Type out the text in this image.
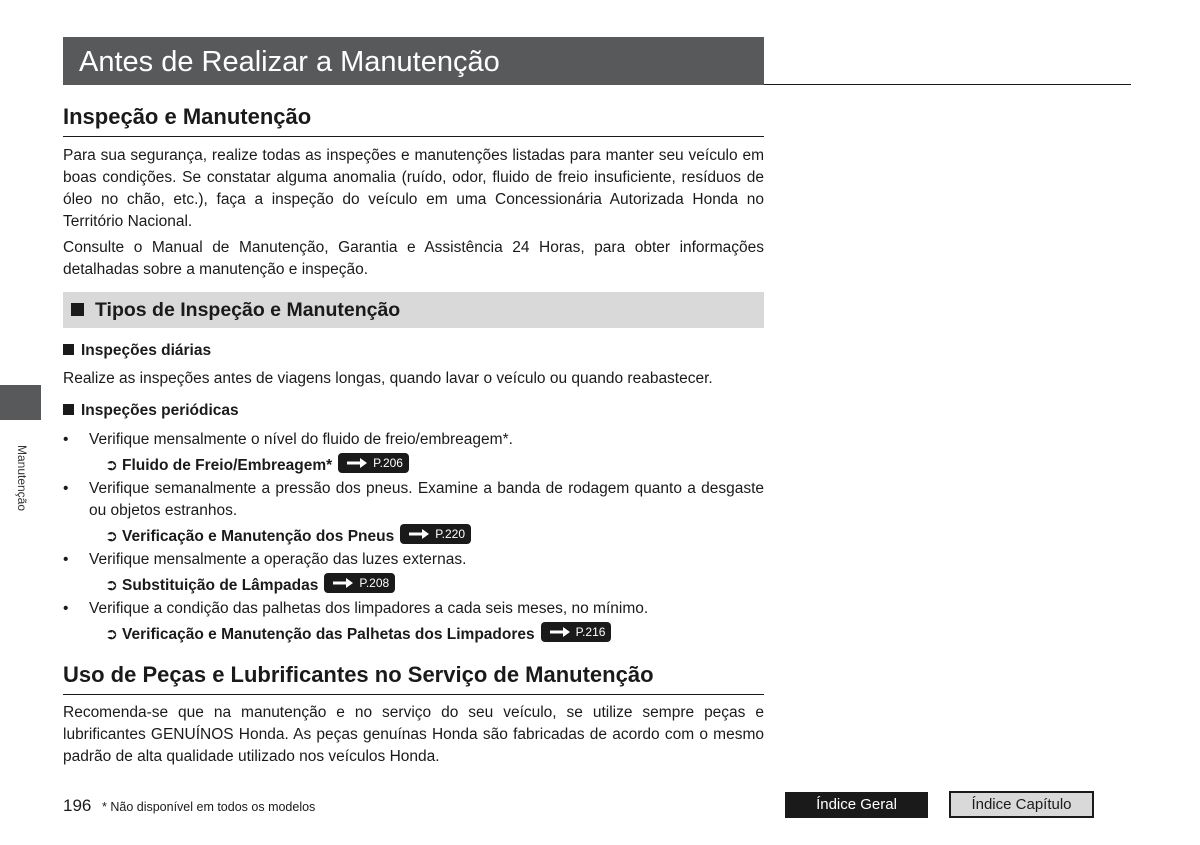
Antes de Realizar a Manutenção
Manutenção
Inspeção e Manutenção

Para sua segurança, realize todas as inspeções e manutenções listadas para manter seu veículo em boas condições. Se constatar alguma anomalia (ruído, odor, fluido de freio insuficiente, resíduos de óleo no chão, etc.), faça a inspeção do veículo em uma Concessionária Autorizada Honda no Território Nacional.

Consulte o Manual de Manutenção, Garantia e Assistência 24 Horas, para obter informações detalhadas sobre a manutenção e inspeção.

Tipos de Inspeção e Manutenção
Inspeções diárias

Realize as inspeções antes de viagens longas, quando lavar o veículo ou quando reabastecer.

Inspeções periódicas
• Verifique mensalmente o nível do fluido de freio/embreagem*.
➲ Fluido de Freio/Embreagem*	P.206
• Verifique semanalmente a pressão dos pneus. Examine a banda de rodagem quanto a desgaste ou objetos estranhos.
➲ Verificação e Manutenção dos Pneus	P.220
• Verifique mensalmente a operação das luzes externas.
➲ Substituição de Lâmpadas	P.208
• Verifique a condição das palhetas dos limpadores a cada seis meses, no mínimo.
➲ Verificação e Manutenção das Palhetas dos Limpadores	P.216
Uso de Peças e Lubrificantes no Serviço de Manutenção

Recomenda-se que na manutenção e no serviço do seu veículo, se utilize sempre peças e lubrificantes GENUÍNOS Honda. As peças genuínas Honda são fabricadas de acordo com o mesmo padrão de alta qualidade utilizado nos veículos Honda.

196 * Não disponível em todos os modelos	Índice Geral	Índice Capítulo
